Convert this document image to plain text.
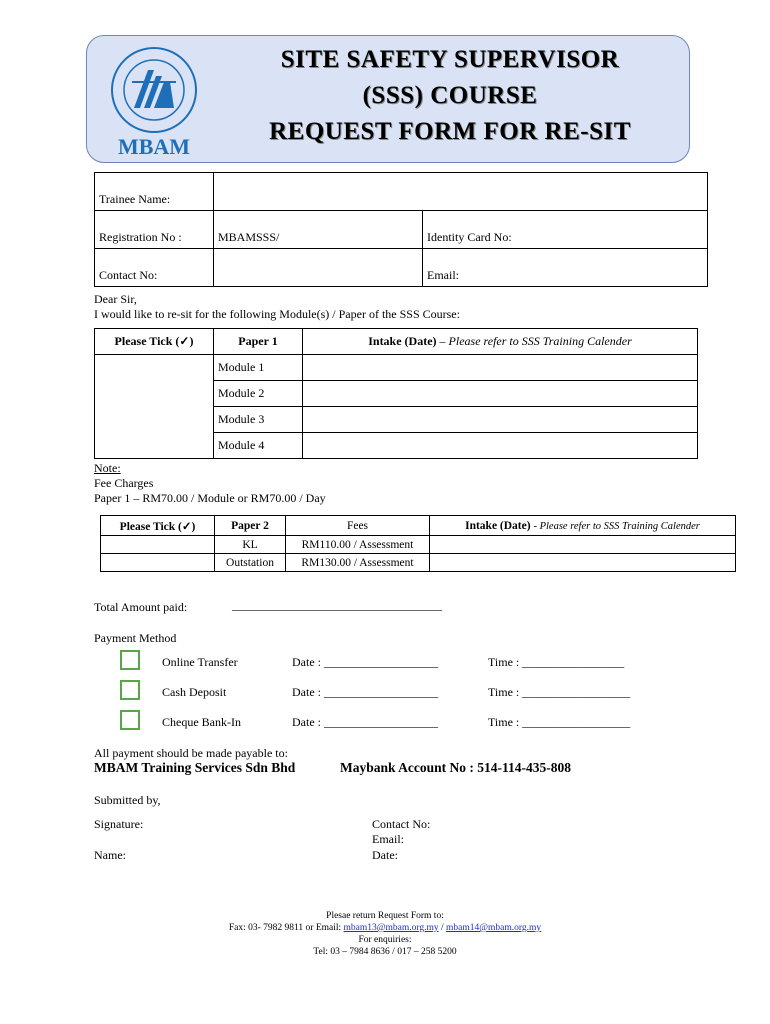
MBAM
SITE SAFETY SUPERVISOR
(SSS) COURSE
REQUEST FORM FOR RE-SIT
Trainee Name:		
Registration No :	MBAMSSS/	Identity Card No:
Contact No:		Email:
Dear Sir,
I would like to re-sit for the following Module(s) / Paper of the SSS Course:
Please Tick (✓)	Paper 1	Intake (Date) – Please refer to SSS Training Calender
	Module 1	
	Module 2	
	Module 3	
	Module 4	
Note:
Fee Charges
Paper 1 – RM70.00 / Module or RM70.00 / Day
Please Tick (✓)	Paper 2	Fees	Intake (Date) - Please refer to SSS Training Calender
	KL	RM110.00 / Assessment	
	Outstation	RM130.00 / Assessment	
Total Amount paid:	___________________________________
Payment Method
Online Transfer	Date : ___________________	Time : _________________
Cash Deposit	Date : ___________________	Time : __________________
Cheque Bank-In	Date : ___________________	Time : __________________
All payment should be made payable to:
MBAM Training Services Sdn Bhd	Maybank Account No : 514-114-435-808
Submitted by,
Signature:
Name:
Contact No:
Email:
Date:
Plesae return Request Form to:
Fax: 03- 7982 9811 or Email: mbam13@mbam.org.my / mbam14@mbam.org.my
For enquiries:
Tel: 03 – 7984 8636 / 017 – 258 5200
